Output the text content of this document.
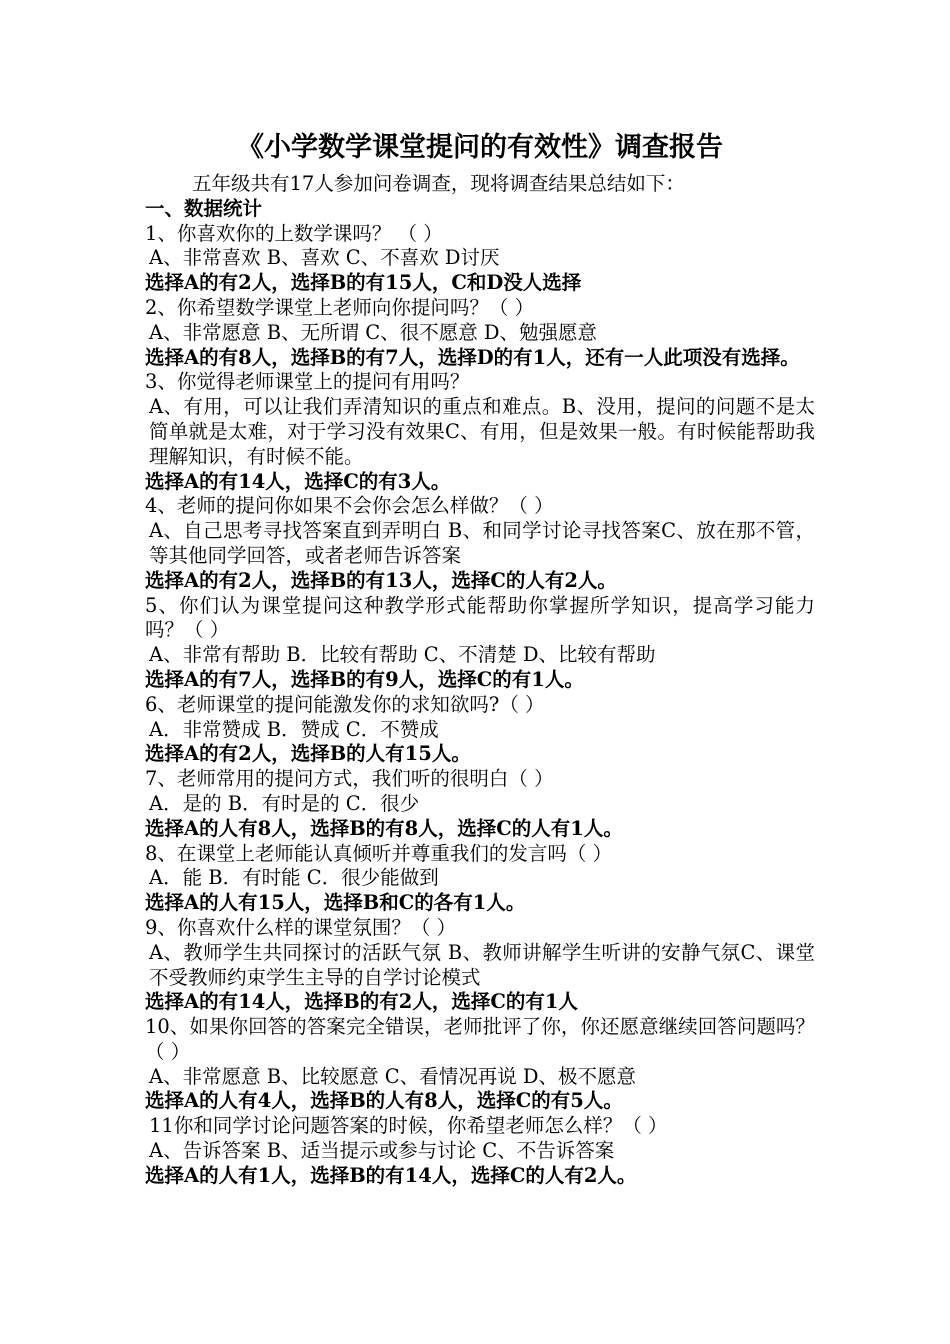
《小学数学课堂提问的有效性》调查报告
五年级共有17人参加问卷调查，现将调查结果总结如下：
一、数据统计
1、你喜欢你的上数学课吗？ （ ）
A、非常喜欢 B、喜欢 C、不喜欢 D讨厌
选择A的有2人，选择B的有15人，C和D没人选择
2、你希望数学课堂上老师向你提问吗？（ ）
A、非常愿意 B、无所谓 C、很不愿意 D、勉强愿意
选择A的有8人，选择B的有7人，选择D的有1人，还有一人此项没有选择。
3、你觉得老师课堂上的提问有用吗？
A、有用，可以让我们弄清知识的重点和难点。B、没用，提问的问题不是太简单就是太难，对于学习没有效果C、有用，但是效果一般。有时候能帮助我理解知识，有时候不能。
选择A的有14人，选择C的有3人。
4、老师的提问你如果不会你会怎么样做？（ ）
A、自己思考寻找答案直到弄明白 B、和同学讨论寻找答案C、放在那不管，等其他同学回答，或者老师告诉答案
选择A的有2人，选择B的有13人，选择C的人有2人。
5、你们认为课堂提问这种教学形式能帮助你掌握所学知识，提高学习能力吗？（ ）
A、非常有帮助 B．比较有帮助 C、不清楚 D、比较有帮助
选择A的有7人，选择B的有9人，选择C的有1人。
6、老师课堂的提问能激发你的求知欲吗?（ ）
A．非常赞成 B．赞成 C．不赞成
选择A的有2人，选择B的人有15人。
7、老师常用的提问方式，我们听的很明白（ ）
A．是的 B．有时是的 C．很少
选择A的人有8人，选择B的有8人，选择C的人有1人。
8、在课堂上老师能认真倾听并尊重我们的发言吗（ ）
A．能 B．有时能 C．很少能做到
选择A的人有15人，选择B和C的各有1人。
9、你喜欢什么样的课堂氛围？（ ）
A、教师学生共同探讨的活跃气氛 B、教师讲解学生听讲的安静气氛C、课堂不受教师约束学生主导的自学讨论模式
选择A的有14人，选择B的有2人，选择C的有1人
10、如果你回答的答案完全错误，老师批评了你，你还愿意继续回答问题吗？（ ）
A、非常愿意 B、比较愿意 C、看情况再说 D、极不愿意
选择A的人有4人，选择B的人有8人，选择C的有5人。
11你和同学讨论问题答案的时候，你希望老师怎么样？（ ）
A、告诉答案 B、适当提示或参与讨论 C、不告诉答案
选择A的人有1人，选择B的有14人，选择C的人有2人。
